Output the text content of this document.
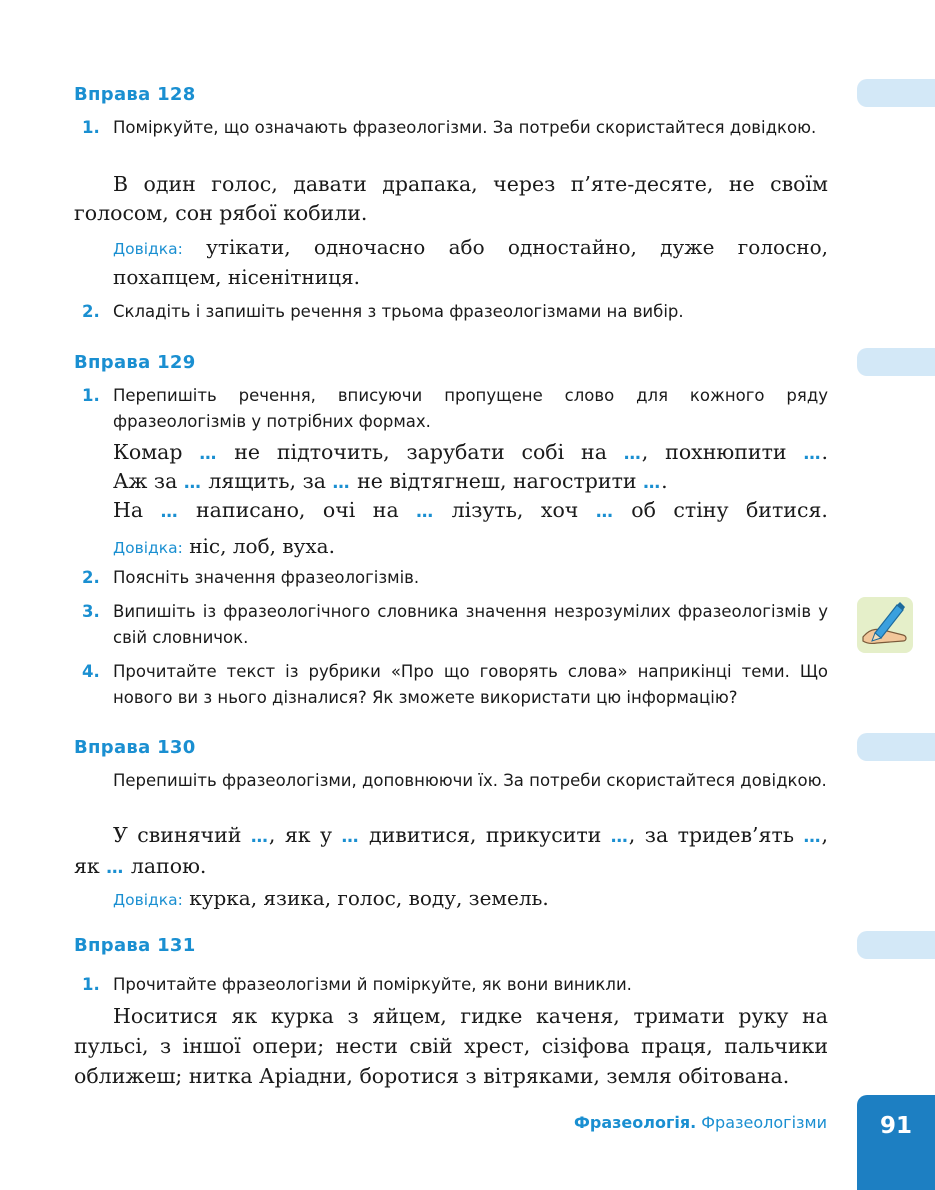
Вправа 128
1. Поміркуйте, що означають фразеологізми. За потреби скористайтеся довідкою.
В один голос, давати драпака, через п’яте-десяте, не своїм голосом, сон рябої кобили.
Довідка: утікати, одночасно або одностайно, дуже голосно, похапцем, нісенітниця.
2. Складіть і запишіть речення з трьома фразеологізмами на вибір.
Вправа 129
1. Перепишіть речення, вписуючи пропущене слово для кожного ряду фразеологізмів у потрібних формах.
Комар … не підточить, зарубати собі на …, похнюпити ….
Аж за … лящить, за … не відтягнеш, нагострити ….
На … написано, очі на … лізуть, хоч … об стіну битися.
Довідка: ніс, лоб, вуха.
2. Поясніть значення фразеологізмів.
3. Випишіть із фразеологічного словника значення незрозумілих фразеологізмів у свій словничок.
4. Прочитайте текст із рубрики «Про що говорять слова» наприкінці теми. Що нового ви з нього дізналися? Як зможете використати цю інформацію?
Вправа 130
Перепишіть фразеологізми, доповнюючи їх. За потреби скористайтеся довідкою.
У свинячий …, як у … дивитися, прикусити …, за тридев’ять …, як … лапою.
Довідка: курка, язика, голос, воду, земель.
Вправа 131
1. Прочитайте фразеологізми й поміркуйте, як вони виникли.
Носитися як курка з яйцем, гидке каченя, тримати руку на пульсі, з іншої опери; нести свій хрест, сізіфова праця, пальчики оближеш; нитка Аріадни, боротися з вітряками, земля обітована.
Фразеологія. Фразеологізми	91
